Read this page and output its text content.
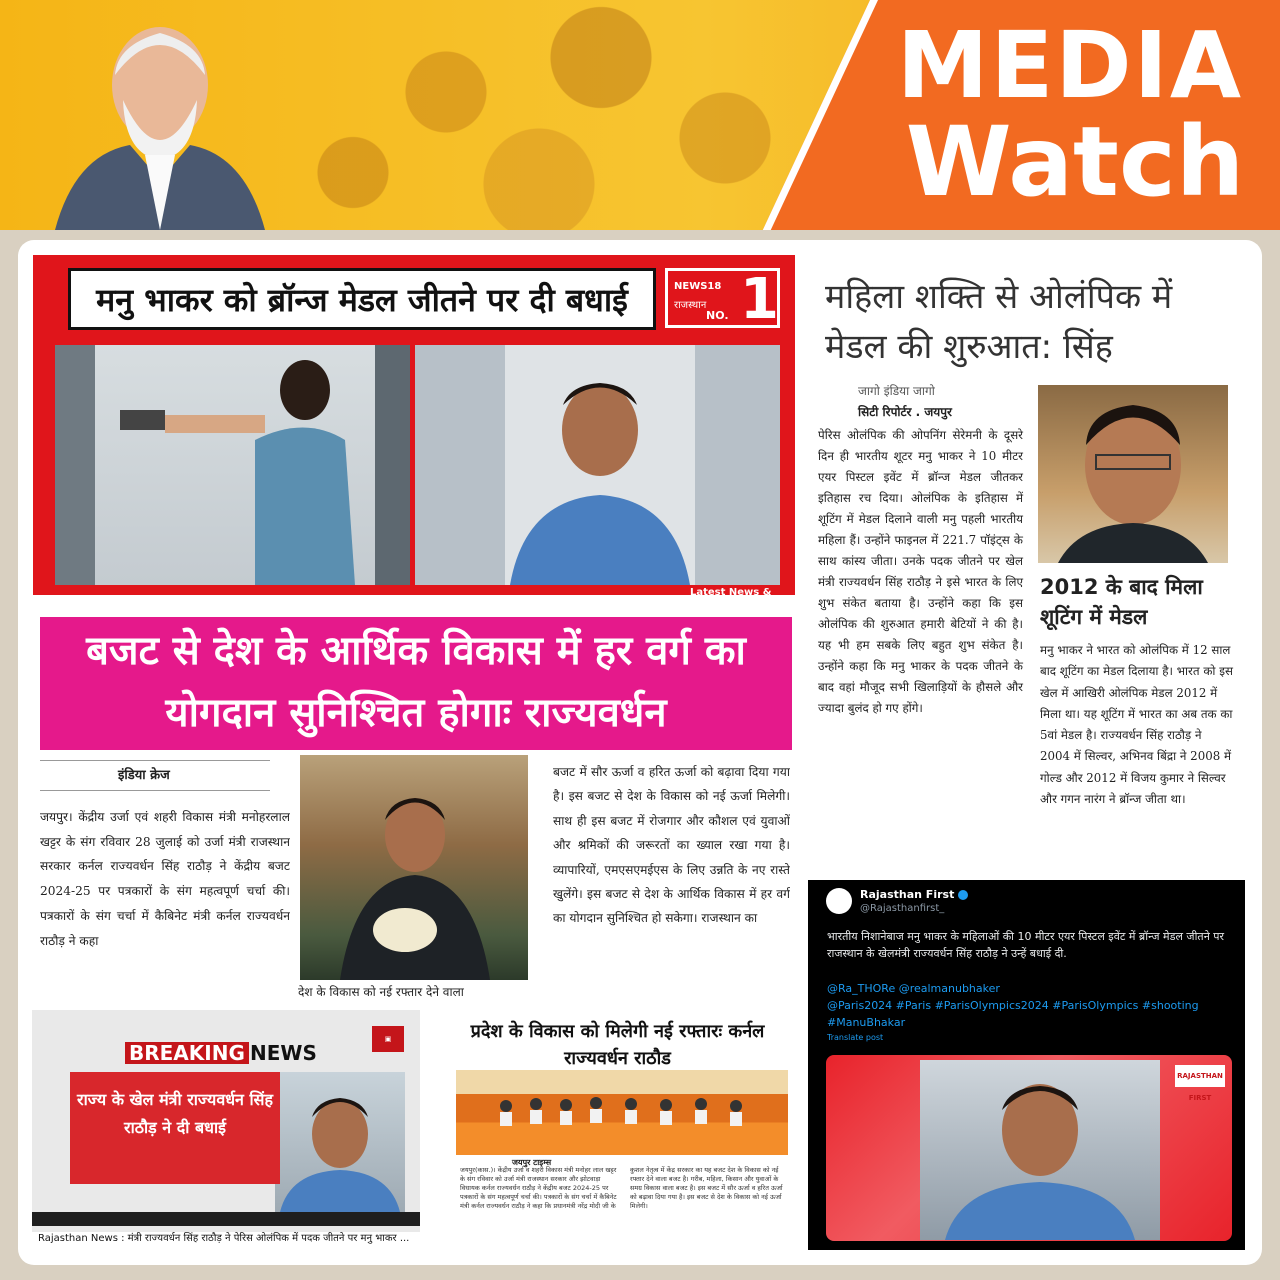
MEDIA
Watch
मनु भाकर को ब्रॉन्ज मेडल जीतने पर दी बधाई	NEWS18
राजस्थान
NO. 1
Latest News &
महिला शक्ति से ओलंपिक में मेडल की शुरुआत: सिंह
जागो इंडिया जागो
सिटी रिपोर्टर . जयपुर
पेरिस ओलंपिक की ओपनिंग सेरेमनी के दूसरे दिन ही भारतीय शूटर मनु भाकर ने 10 मीटर एयर पिस्टल इवेंट में ब्रॉन्ज मेडल जीतकर इतिहास रच दिया। ओलंपिक के इतिहास में शूटिंग में मेडल दिलाने वाली मनु पहली भारतीय महिला हैं। उन्होंने फाइनल में 221.7 पॉइंट्स के साथ कांस्य जीता। उनके पदक जीतने पर खेल मंत्री राज्यवर्धन सिंह राठौड़ ने इसे भारत के लिए शुभ संकेत बताया है। उन्होंने कहा कि इस ओलंपिक की शुरुआत हमारी बेटियों ने की है। यह भी हम सबके लिए बहुत शुभ संकेत है। उन्होंने कहा कि मनु भाकर के पदक जीतने के बाद वहां मौजूद सभी खिलाड़ियों के हौसले और ज्यादा बुलंद हो गए होंगे।
2012 के बाद मिला शूटिंग में मेडल
मनु भाकर ने भारत को ओलंपिक में 12 साल बाद शूटिंग का मेडल दिलाया है। भारत को इस खेल में आखिरी ओलंपिक मेडल 2012 में मिला था। यह शूटिंग में भारत का अब तक का 5वां मेडल है। राज्यवर्धन सिंह राठौड़ ने 2004 में सिल्वर, अभिनव बिंद्रा ने 2008 में गोल्ड और 2012 में विजय कुमार ने सिल्वर और गगन नारंग ने ब्रॉन्ज जीता था।
बजट से देश के आर्थिक विकास में हर वर्ग का योगदान सुनिश्चित होगाः राज्यवर्धन
इंडिया क्रेज
जयपुर। केंद्रीय उर्जा एवं शहरी विकास मंत्री मनोहरलाल खट्टर के संग रविवार 28 जुलाई को उर्जा मंत्री राजस्थान सरकार कर्नल राज्यवर्धन सिंह राठौड़ ने केंद्रीय बजट 2024-25 पर पत्रकारों के संग महत्वपूर्ण चर्चा की। पत्रकारों के संग चर्चा में कैबिनेट मंत्री कर्नल राज्यवर्धन राठौड़ ने कहा
देश के विकास को नई रफ्तार देने वाला
बजट में सौर ऊर्जा व हरित ऊर्जा को बढ़ावा दिया गया है। इस बजट से देश के विकास को नई ऊर्जा मिलेगी। साथ ही इस बजट में रोजगार और कौशल एवं युवाओं और श्रमिकों की जरूरतों का ख्याल रखा गया है। व्यापारियों, एमएसएमईएस के लिए उन्नति के नए रास्ते खुलेंगे। इस बजट से देश के आर्थिक विकास में हर वर्ग का योगदान सुनिश्चित हो सकेगा। राजस्थान का
▣
BREAKING NEWS
राज्य के खेल मंत्री राज्यवर्धन सिंह राठौड़ ने दी बधाई
Rajasthan News : मंत्री राज्यवर्धन सिंह राठौड़ ने पेरिस ओलंपिक में पदक जीतने पर मनु भाकर ...
प्रदेश के विकास को मिलेगी नई रफ्तारः कर्नल राज्यवर्धन राठौड
जयपुर टाइम्स
जयपुर(कास.)। केंद्रीय उर्जा व शहरी विकास मंत्री मनोहर लाल खट्टर के संग रविवार को उर्जा मंत्री राजस्थान सरकार और झोटवाड़ा विधायक कर्नल राज्यवर्धन राठौड़ ने केंद्रीय बजट 2024-25 पर पत्रकारों के संग महत्वपूर्ण चर्चा की। पत्रकारों के संग चर्चा में कैबिनेट मंत्री कर्नल राज्यवर्धन राठौड़ ने कहा कि प्रधानमंत्री नरेंद्र मोदी जी के कुशल नेतृत्व में केंद्र सरकार का यह बजट देश के विकास को नई रफ्तार देने वाला बजट है। गरीब, महिला, किसान और युवाओं के समग्र विकास वाला बजट है। इस बजट में सौर ऊर्जा व हरित ऊर्जा को बढ़ावा दिया गया है। इस बजट से देश के विकास को नई ऊर्जा मिलेगी।
Rajasthan First
@Rajasthanfirst_
भारतीय निशानेबाज मनु भाकर के महिलाओं की 10 मीटर एयर पिस्टल इवेंट में ब्रॉन्ज मेडल जीतने पर राजस्थान के खेलमंत्री राज्यवर्धन सिंह राठौड़ ने उन्हें बधाई दी.
@Ra_THORe @realmanubhaker
@Paris2024 #Paris #ParisOlympics2024 #ParisOlympics #shooting #ManuBhakar
Translate post
RAJASTHAN FIRST
